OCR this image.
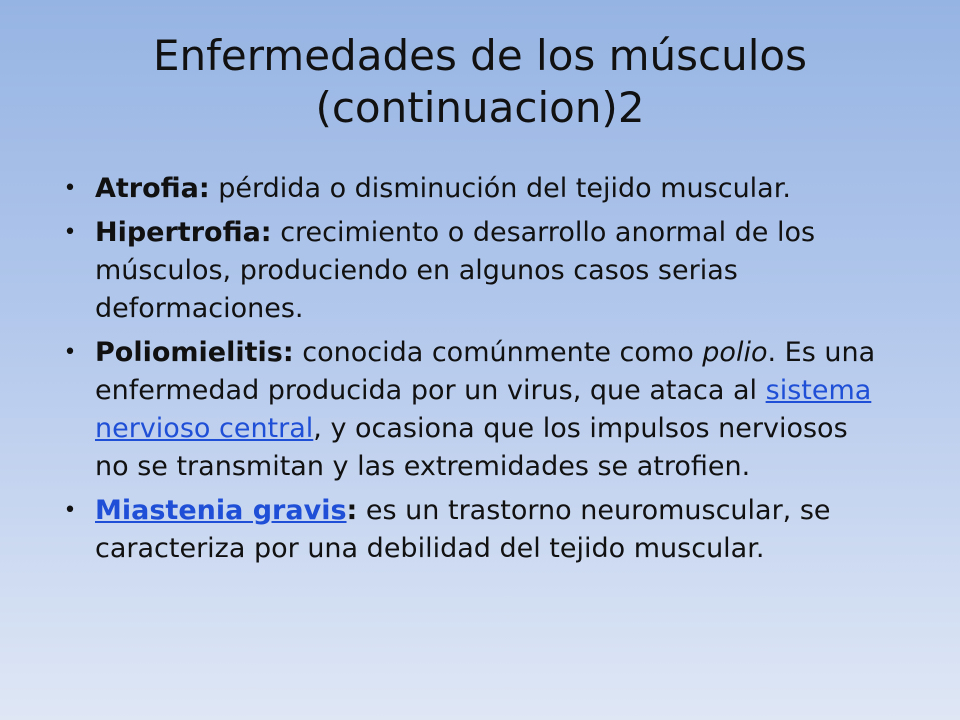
Enfermedades de los músculos
(continuacion)2
• Atrofia: pérdida o disminución del tejido muscular.
• Hipertrofia: crecimiento o desarrollo anormal de los músculos, produciendo en algunos casos serias deformaciones.
• Poliomielitis: conocida comúnmente como polio. Es una enfermedad producida por un virus, que ataca al sistema nervioso central, y ocasiona que los impulsos nerviosos no se transmitan y las extremidades se atrofien.
• Miastenia gravis: es un trastorno neuromuscular, se caracteriza por una debilidad del tejido muscular.
